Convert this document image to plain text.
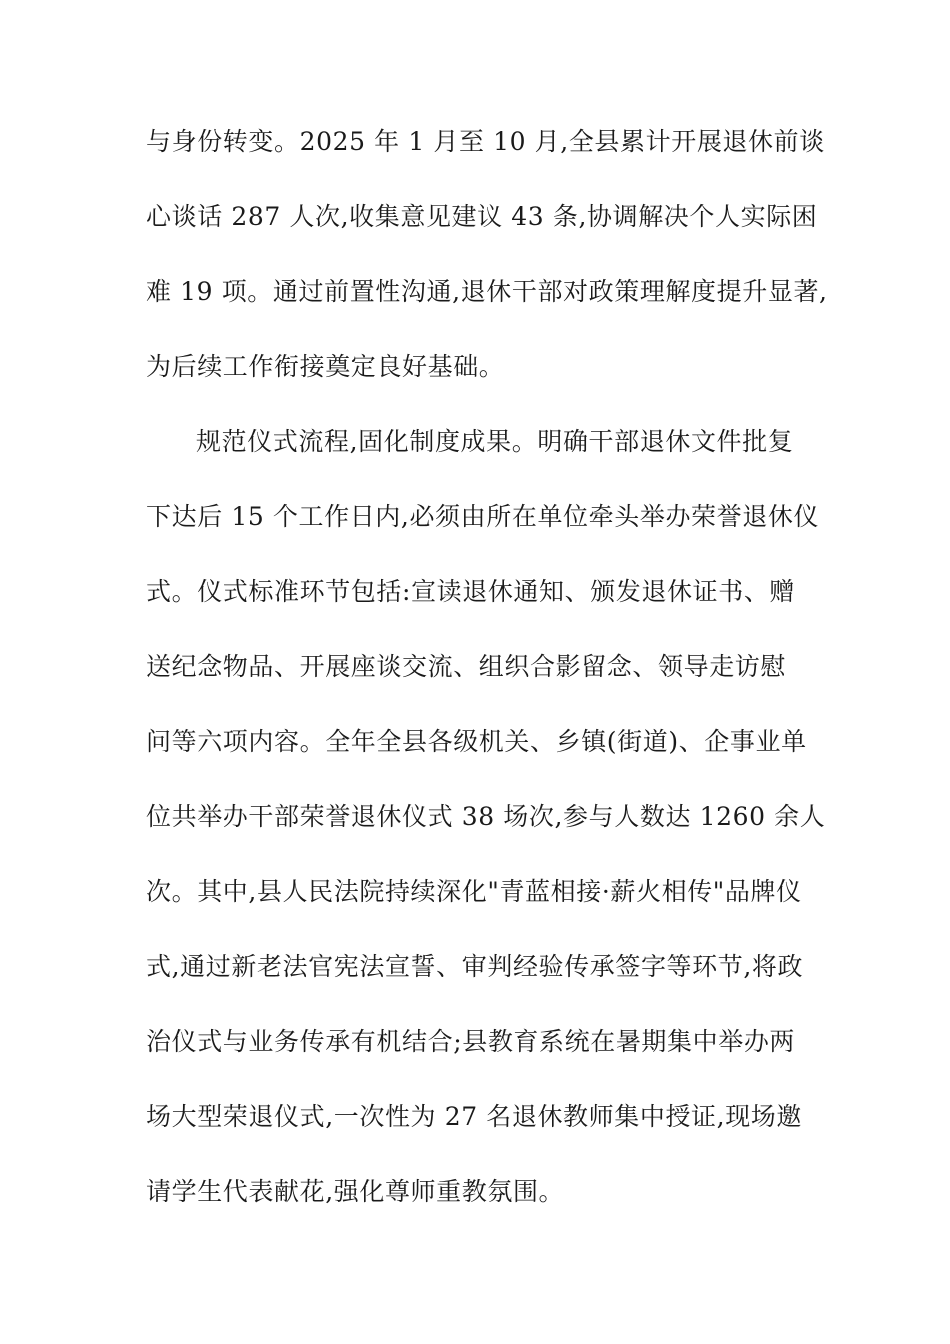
与身份转变。2025 年 1 月至 10 月,全县累计开展退休前谈
心谈话 287 人次,收集意见建议 43 条,协调解决个人实际困
难 19 项。通过前置性沟通,退休干部对政策理解度提升显著,
为后续工作衔接奠定良好基础。
规范仪式流程,固化制度成果。明确干部退休文件批复
下达后 15 个工作日内,必须由所在单位牵头举办荣誉退休仪
式。仪式标准环节包括:宣读退休通知、颁发退休证书、赠
送纪念物品、开展座谈交流、组织合影留念、领导走访慰
问等六项内容。全年全县各级机关、乡镇(街道)、企事业单
位共举办干部荣誉退休仪式 38 场次,参与人数达 1260 余人
次。其中,县人民法院持续深化"青蓝相接·薪火相传"品牌仪
式,通过新老法官宪法宣誓、审判经验传承签字等环节,将政
治仪式与业务传承有机结合;县教育系统在暑期集中举办两
场大型荣退仪式,一次性为 27 名退休教师集中授证,现场邀
请学生代表献花,强化尊师重教氛围。
